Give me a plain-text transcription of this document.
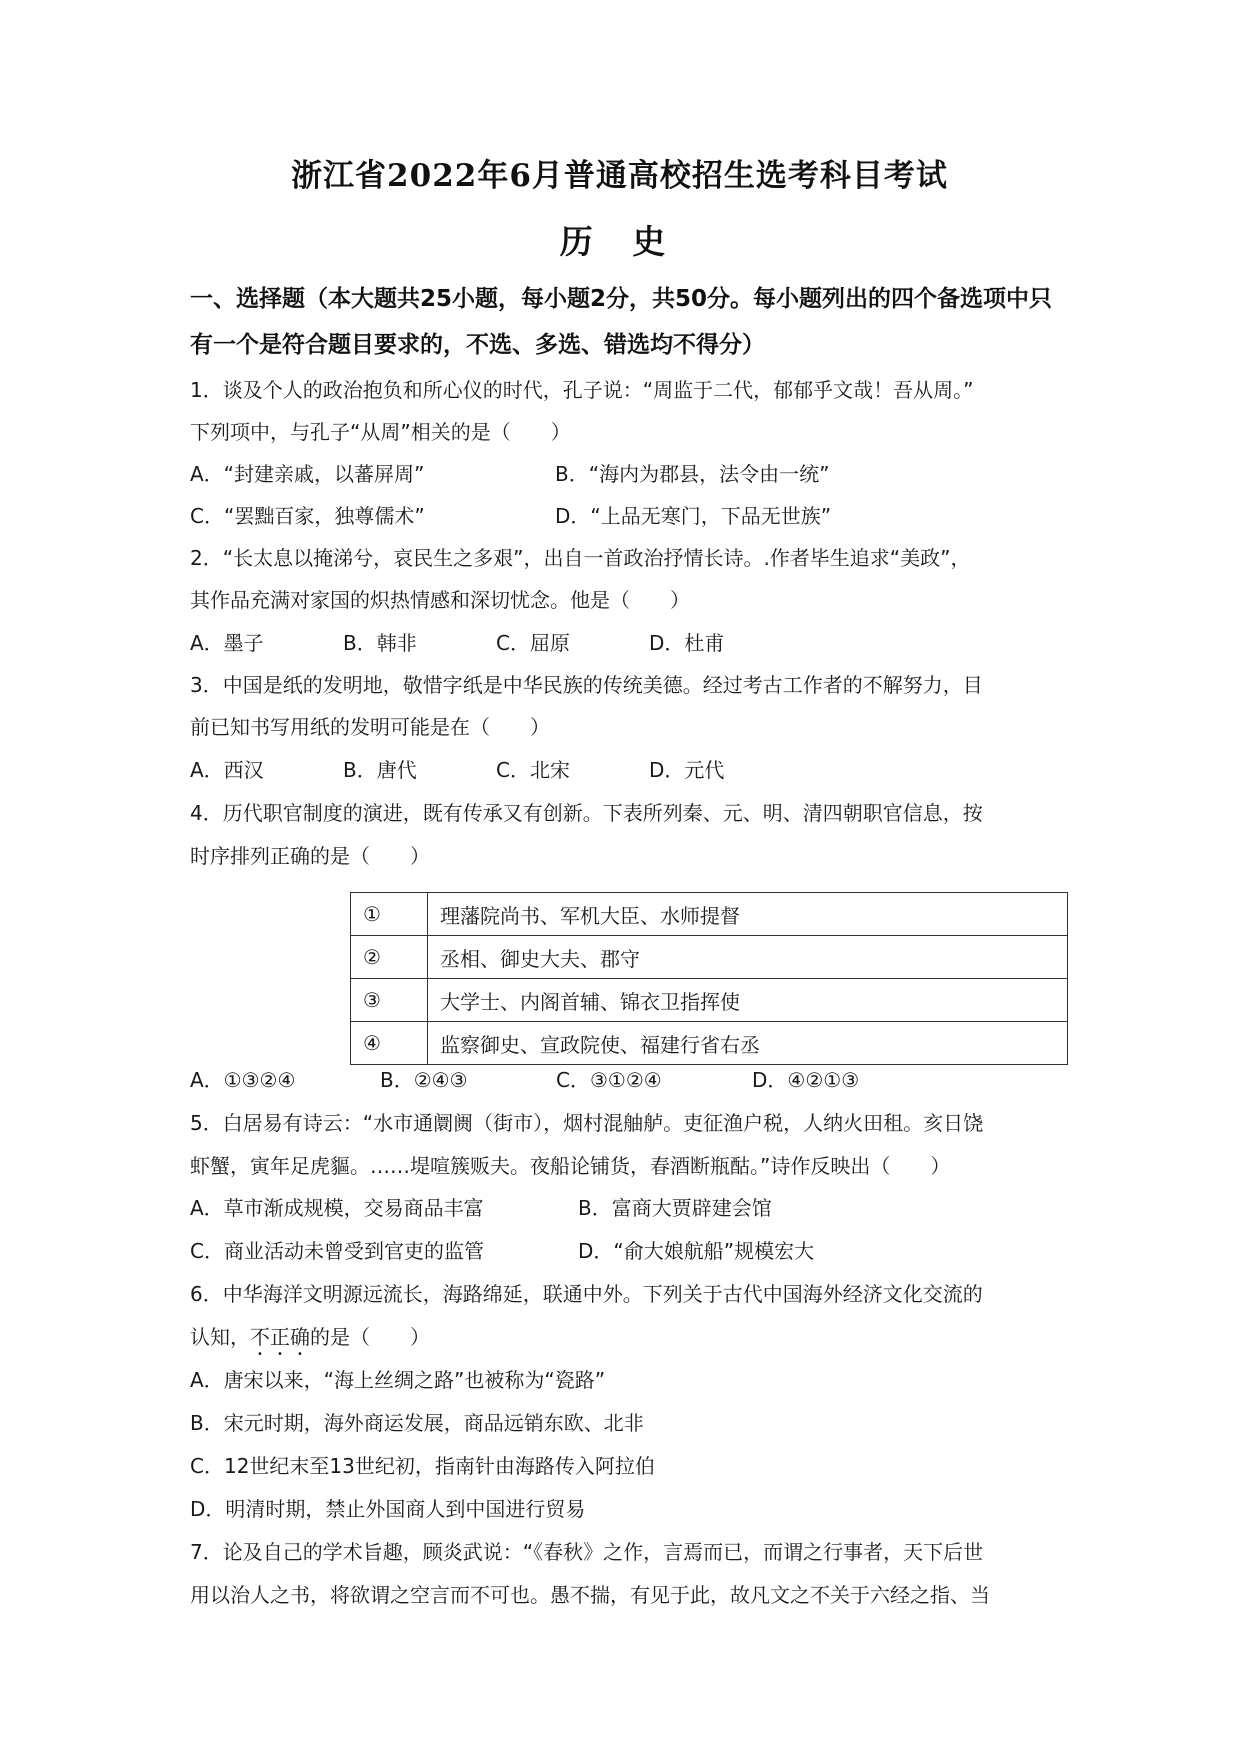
浙江省2022年6月普通高校招生选考科目考试
历 史
一、选择题（本大题共25小题，每小题2分，共50分。每小题列出的四个备选项中只有一个是符合题目要求的，不选、多选、错选均不得分）
1．谈及个人的政治抱负和所心仪的时代，孔子说：“周监于二代，郁郁乎文哉！吾从周。”
下列项中，与孔子“从周”相关的是（　　）
A．“封建亲戚，以蕃屏周”	B．“海内为郡县，法令由一统”
C．“罢黜百家，独尊儒术”	D．“上品无寒门，下品无世族”
2．“长太息以掩涕兮，哀民生之多艰”，出自一首政治抒情长诗。.作者毕生追求“美政”，
其作品充满对家国的炽热情感和深切忧念。他是（　　）
A．墨子	B．韩非	C．屈原	D．杜甫
3．中国是纸的发明地，敬惜字纸是中华民族的传统美德。经过考古工作者的不解努力，目
前已知书写用纸的发明可能是在（　　）
A．西汉	B．唐代	C．北宋	D．元代
4．历代职官制度的演进，既有传承又有创新。下表所列秦、元、明、清四朝职官信息，按
时序排列正确的是（　　）
①	理藩院尚书、军机大臣、水师提督
②	丞相、御史大夫、郡守
③	大学士、内阁首辅、锦衣卫指挥使
④	监察御史、宣政院使、福建行省右丞
A．①③②④	B．②④③	C．③①②④	D．④②①③
5．白居易有诗云：“水市通阛阓（街市），烟村混舳舻。吏征渔户税，人纳火田租。亥日饶
虾蟹，寅年足虎貙。……堤喧簇贩夫。夜船论铺货，春酒断瓶酤。”诗作反映出（　　）
A．草市渐成规模，交易商品丰富	B．富商大贾辟建会馆
C．商业活动未曾受到官吏的监管	D．“俞大娘航船”规模宏大
6．中华海洋文明源远流长，海路绵延，联通中外。下列关于古代中国海外经济文化交流的
认知，不正确的是（　　）
A．唐宋以来，“海上丝绸之路”也被称为“瓷路”
B．宋元时期，海外商运发展，商品远销东欧、北非
C．12世纪末至13世纪初，指南针由海路传入阿拉伯
D．明清时期，禁止外国商人到中国进行贸易
7．论及自己的学术旨趣，顾炎武说：“《春秋》之作，言焉而已，而谓之行事者，天下后世
用以治人之书，将欲谓之空言而不可也。愚不揣，有见于此，故凡文之不关于六经之指、当
